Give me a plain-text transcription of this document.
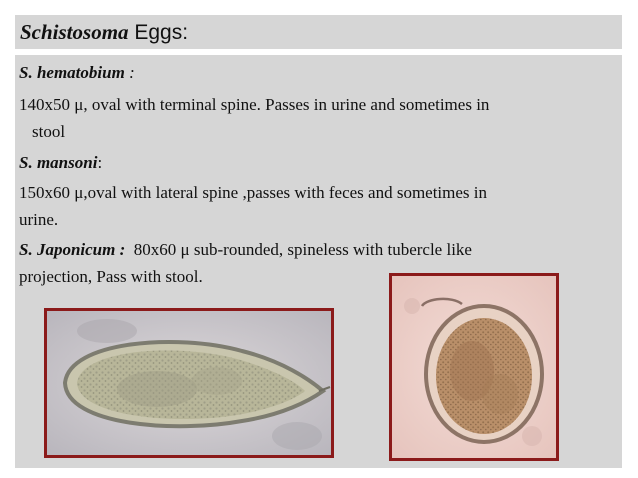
Schistosoma Eggs:
S. hematobium :
140x50 μ, oval with terminal spine. Passes in urine and sometimes in
stool
S. mansoni:
150x60 μ,oval with lateral spine ,passes with feces and sometimes in
urine.
S. Japonicum :  80x60 μ sub-rounded, spineless with tubercle like
projection, Pass with stool.
